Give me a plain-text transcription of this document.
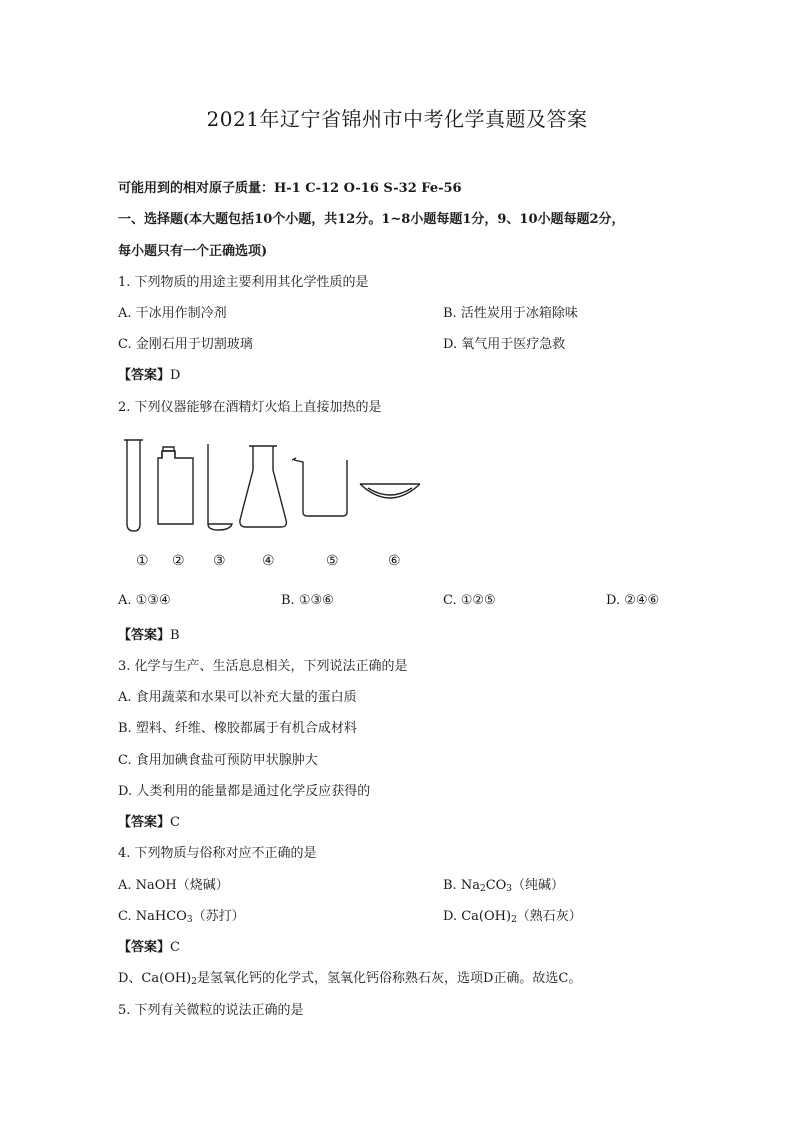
2021年辽宁省锦州市中考化学真题及答案
可能用到的相对原子质量：H-1 C-12 O-16 S-32 Fe-56
一、选择题(本大题包括10个小题，共12分。1~8小题每题1分，9、10小题每题2分，
每小题只有一个正确选项)
1. 下列物质的用途主要利用其化学性质的是
A. 干冰用作制冷剂	B. 活性炭用于冰箱除味
C. 金刚石用于切割玻璃	D. 氧气用于医疗急救
【答案】D
2. 下列仪器能够在酒精灯火焰上直接加热的是
① ② ③	④	⑤	⑥
A. ①③④	B. ①③⑥	C. ①②⑤	D. ②④⑥
【答案】B
3. 化学与生产、生活息息相关，下列说法正确的是
A. 食用蔬菜和水果可以补充大量的蛋白质
B. 塑料、纤维、橡胶都属于有机合成材料
C. 食用加碘食盐可预防甲状腺肿大
D. 人类利用的能量都是通过化学反应获得的
【答案】C
4. 下列物质与俗称对应不正确的是
A. NaOH（烧碱）	B. $Na_2CO_3$（纯碱）
C. NaHCO$_3$（苏打）	D. $Ca(OH)_2$（熟石灰）
【答案】C
D、$Ca(OH)_2$是氢氧化钙的化学式，氢氧化钙俗称熟石灰，选项D正确。故选C。
5. 下列有关微粒的说法正确的是
